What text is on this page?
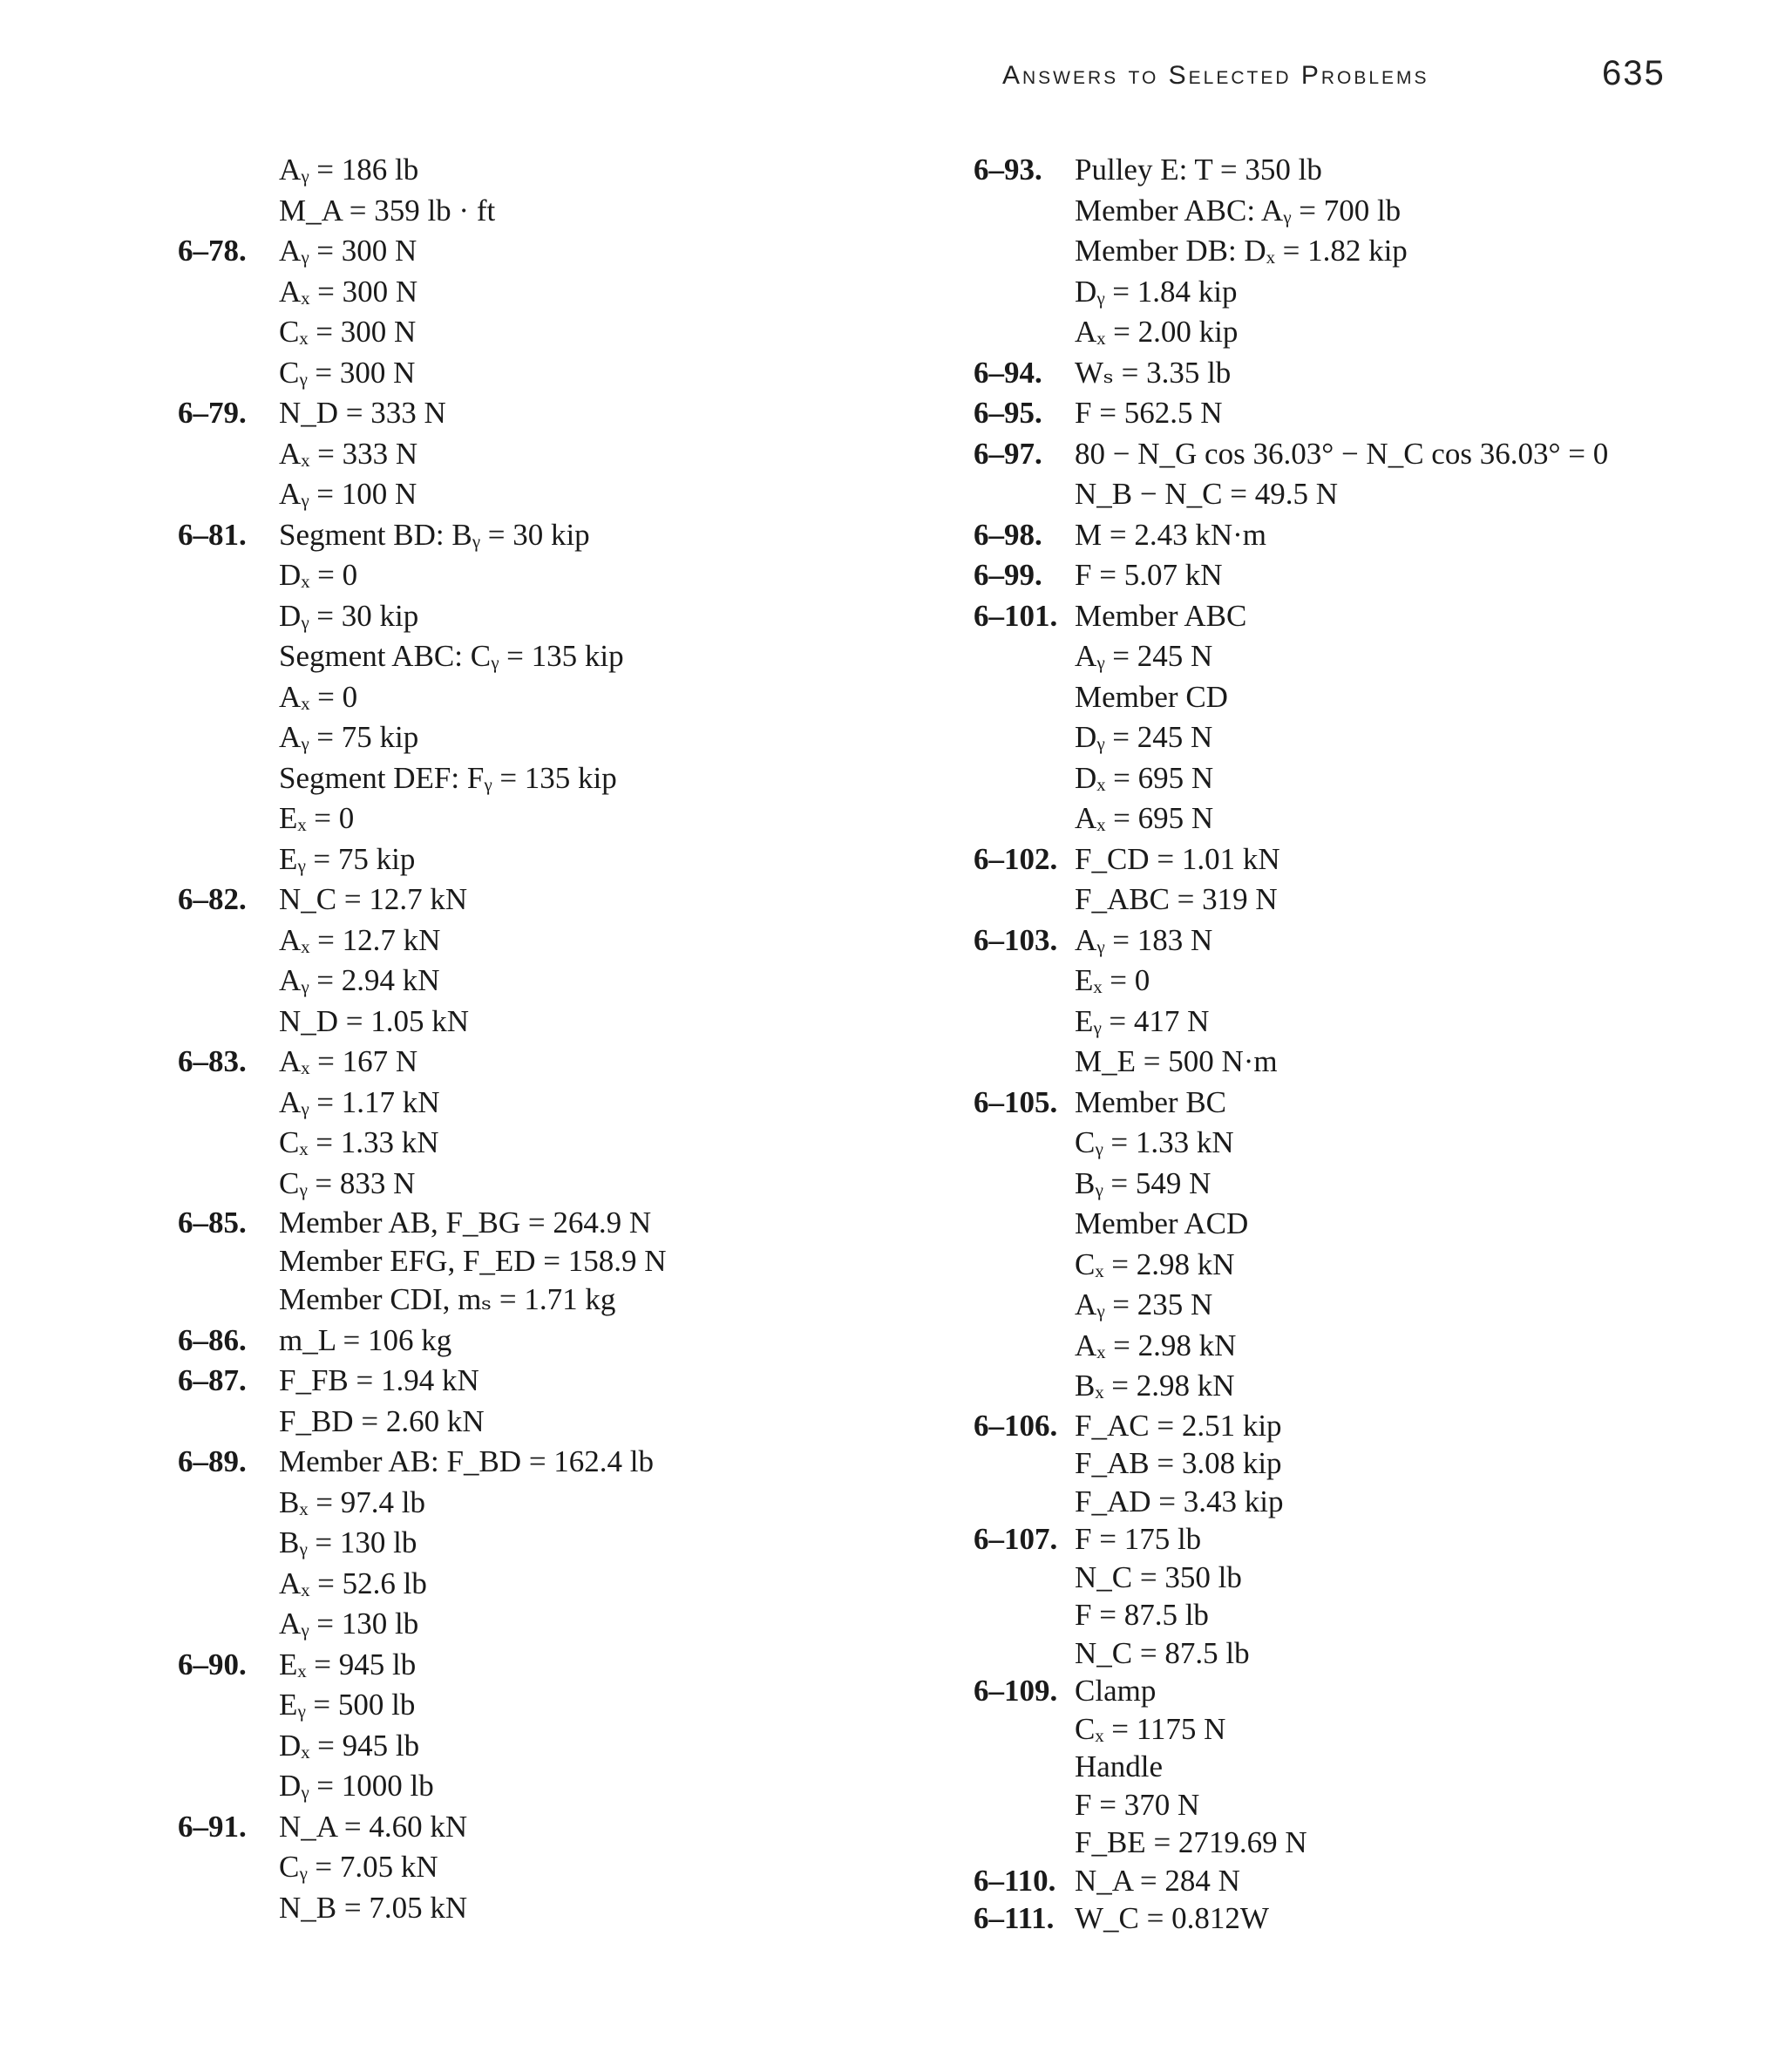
Answers to Selected Problems	635
Aᵧ = 186 lb
M_A = 359 lb · ft
6–78. Aᵧ = 300 N
Aₓ = 300 N
Cₓ = 300 N
Cᵧ = 300 N
6–79. N_D = 333 N
Aₓ = 333 N
Aᵧ = 100 N
6–81. Segment BD: Bᵧ = 30 kip
Dₓ = 0
Dᵧ = 30 kip
Segment ABC: Cᵧ = 135 kip
Aₓ = 0
Aᵧ = 75 kip
Segment DEF: Fᵧ = 135 kip
Eₓ = 0
Eᵧ = 75 kip
6–82. N_C = 12.7 kN
Aₓ = 12.7 kN
Aᵧ = 2.94 kN
N_D = 1.05 kN
6–83. Aₓ = 167 N
Aᵧ = 1.17 kN
Cₓ = 1.33 kN
Cᵧ = 833 N
6–85. Member AB, F_BG = 264.9 N
Member EFG, F_ED = 158.9 N
Member CDI, mₛ = 1.71 kg
6–86. m_L = 106 kg
6–87. F_FB = 1.94 kN
F_BD = 2.60 kN
6–89. Member AB: F_BD = 162.4 lb
Bₓ = 97.4 lb
Bᵧ = 130 lb
Aₓ = 52.6 lb
Aᵧ = 130 lb
6–90. Eₓ = 945 lb
Eᵧ = 500 lb
Dₓ = 945 lb
Dᵧ = 1000 lb
6–91. N_A = 4.60 kN
Cᵧ = 7.05 kN
N_B = 7.05 kN
6–93. Pulley E: T = 350 lb
Member ABC: Aᵧ = 700 lb
Member DB: Dₓ = 1.82 kip
Dᵧ = 1.84 kip
Aₓ = 2.00 kip
6–94. Wₛ = 3.35 lb
6–95. F = 562.5 N
6–97. 80 − N_G cos 36.03° − N_C cos 36.03° = 0
N_B − N_C = 49.5 N
6–98. M = 2.43 kN·m
6–99. F = 5.07 kN
6–101. Member ABC
Aᵧ = 245 N
Member CD
Dᵧ = 245 N
Dₓ = 695 N
Aₓ = 695 N
6–102. F_CD = 1.01 kN
F_ABC = 319 N
6–103. Aᵧ = 183 N
Eₓ = 0
Eᵧ = 417 N
M_E = 500 N·m
6–105. Member BC
Cᵧ = 1.33 kN
Bᵧ = 549 N
Member ACD
Cₓ = 2.98 kN
Aᵧ = 235 N
Aₓ = 2.98 kN
Bₓ = 2.98 kN
6–106. F_AC = 2.51 kip
F_AB = 3.08 kip
F_AD = 3.43 kip
6–107. F = 175 lb
N_C = 350 lb
F = 87.5 lb
N_C = 87.5 lb
6–109. Clamp
Cₓ = 1175 N
Handle
F = 370 N
F_BE = 2719.69 N
6–110. N_A = 284 N
6–111. W_C = 0.812W
